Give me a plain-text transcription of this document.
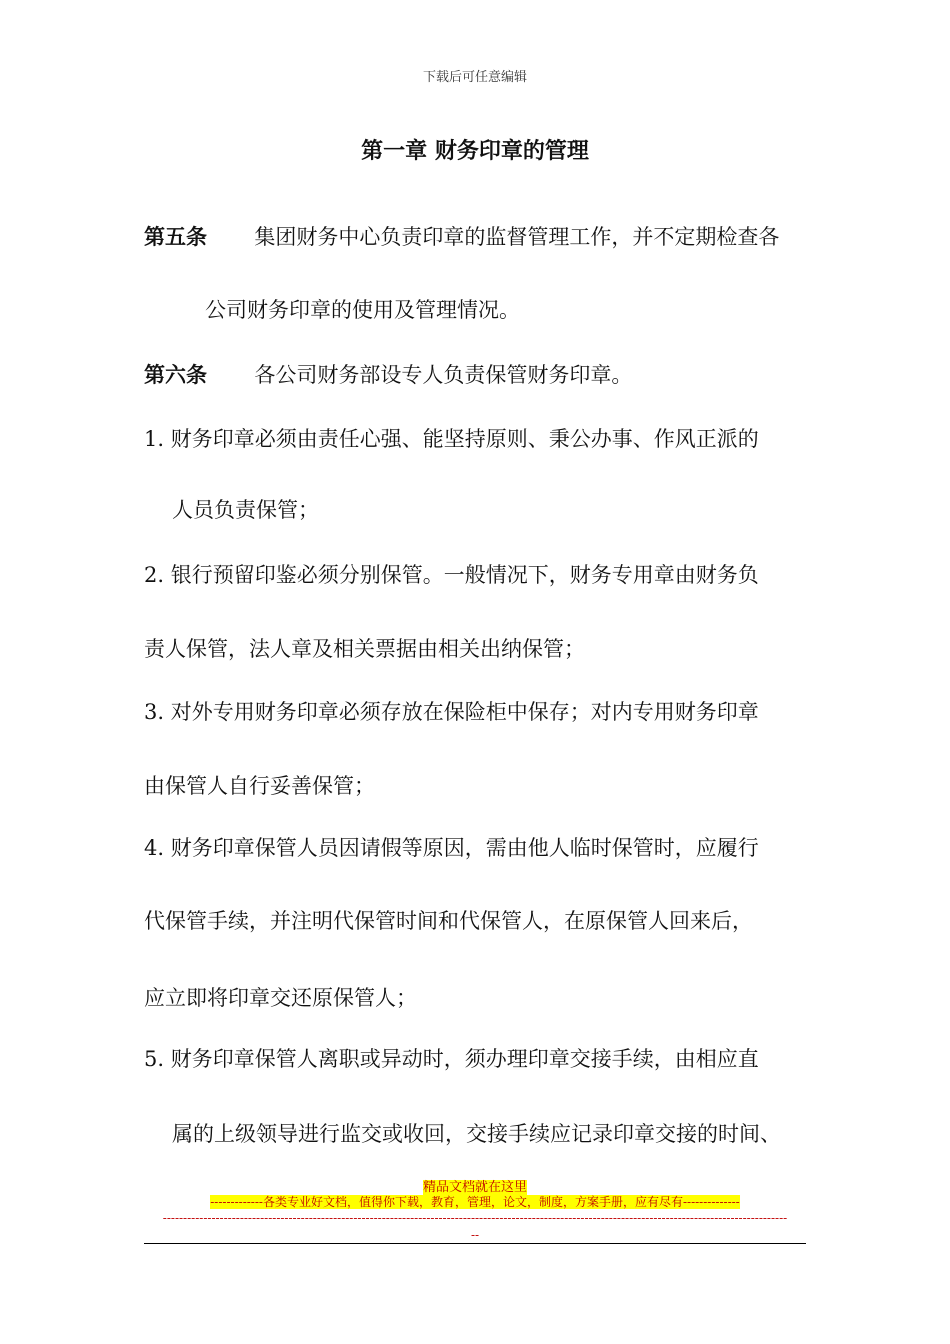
下载后可任意编辑
第一章 财务印章的管理
第五条 集团财务中心负责印章的监督管理工作，并不定期检查各
公司财务印章的使用及管理情况。
第六条 各公司财务部设专人负责保管财务印章。
1. 财务印章必须由责任心强、能坚持原则、秉公办事、作风正派的
人员负责保管；
2. 银行预留印鉴必须分别保管。一般情况下，财务专用章由财务负
责人保管，法人章及相关票据由相关出纳保管；
3. 对外专用财务印章必须存放在保险柜中保存；对内专用财务印章
由保管人自行妥善保管；
4. 财务印章保管人员因请假等原因，需由他人临时保管时，应履行
代保管手续，并注明代保管时间和代保管人，在原保管人回来后，
应立即将印章交还原保管人；
5. 财务印章保管人离职或异动时，须办理印章交接手续，由相应直
属的上级领导进行监交或收回，交接手续应记录印章交接的时间、
精品文档就在这里
-------------各类专业好文档，值得你下载，教育，管理，论文，制度，方案手册，应有尽有--------------
----------------------------------------------------------------------------------------------------------------------------------------------------------
--
